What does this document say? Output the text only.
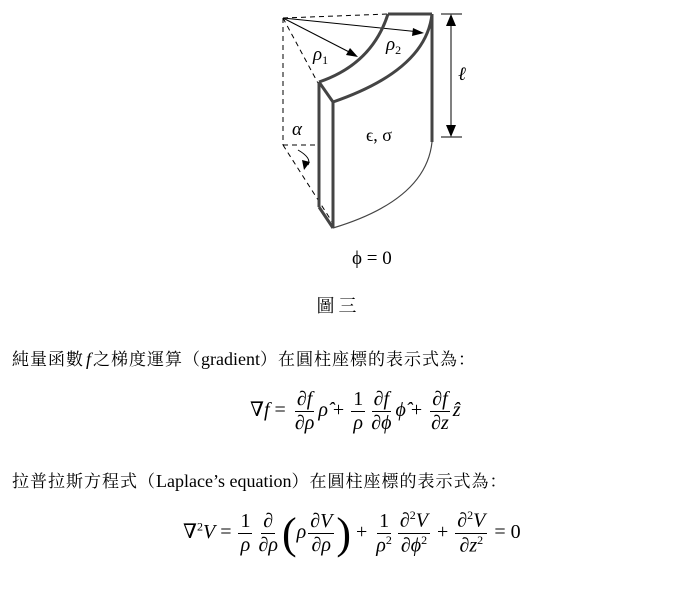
$\rho_1$
$\rho_2$
ℓ
α	ϵ, σ
ϕ = 0
圖三
純量函數 f 之梯度運算（gradient）在圓柱座標的表示式為：
$\nabla f = \frac{\partial f}{\partial\rho}$ ρ̂ + $\frac{1}{\rho} \frac{\partial f}{\partial\phi}$ ϕ̂ + $\frac{\partial f}{\partial z}$ ẑ
拉普拉斯方程式（Laplace’s equation）在圓柱座標的表示式為：
$\nabla^2V = \frac{1}{\rho} \frac{\partial}{\partial\rho} (\rho \frac{\partial V}{\partial\rho}$ ) + $\frac{1}{\rho^2} \frac{\partial^2V}{\partial\phi^2} + \frac{\partial^2V}{\partial z^2} = 0$
